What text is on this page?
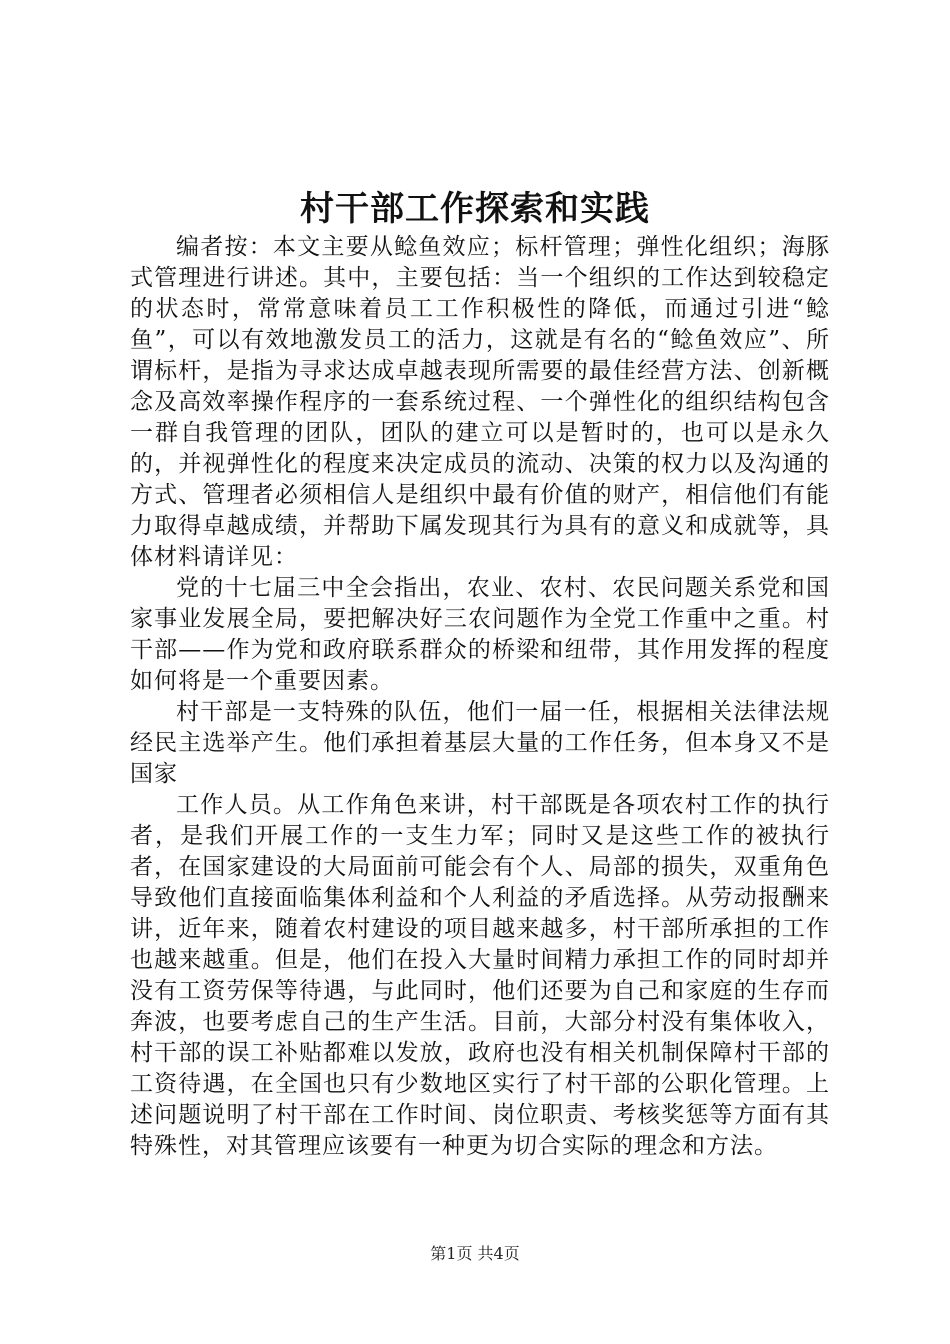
村干部工作探索和实践

编者按：本文主要从鲶鱼效应；标杆管理；弹性化组织；海豚式管理进行讲述。其中，主要包括：当一个组织的工作达到较稳定的状态时，常常意味着员工工作积极性的降低，而通过引进“鲶鱼”，可以有效地激发员工的活力，这就是有名的“鲶鱼效应”、所谓标杆，是指为寻求达成卓越表现所需要的最佳经营方法、创新概念及高效率操作程序的一套系统过程、一个弹性化的组织结构包含一群自我管理的团队，团队的建立可以是暂时的，也可以是永久的，并视弹性化的程度来决定成员的流动、决策的权力以及沟通的方式、管理者必须相信人是组织中最有价值的财产，相信他们有能力取得卓越成绩，并帮助下属发现其行为具有的意义和成就等，具体材料请详见：

党的十七届三中全会指出，农业、农村、农民问题关系党和国家事业发展全局，要把解决好三农问题作为全党工作重中之重。村干部——作为党和政府联系群众的桥梁和纽带，其作用发挥的程度如何将是一个重要因素。

村干部是一支特殊的队伍，他们一届一任，根据相关法律法规经民主选举产生。他们承担着基层大量的工作任务，但本身又不是国家

工作人员。从工作角色来讲，村干部既是各项农村工作的执行者，是我们开展工作的一支生力军；同时又是这些工作的被执行者，在国家建设的大局面前可能会有个人、局部的损失，双重角色导致他们直接面临集体利益和个人利益的矛盾选择。从劳动报酬来讲，近年来，随着农村建设的项目越来越多，村干部所承担的工作也越来越重。但是，他们在投入大量时间精力承担工作的同时却并没有工资劳保等待遇，与此同时，他们还要为自己和家庭的生存而奔波，也要考虑自己的生产生活。目前，大部分村没有集体收入，村干部的误工补贴都难以发放，政府也没有相关机制保障村干部的工资待遇，在全国也只有少数地区实行了村干部的公职化管理。上述问题说明了村干部在工作时间、岗位职责、考核奖惩等方面有其特殊性，对其管理应该要有一种更为切合实际的理念和方法。

第1页 共4页
